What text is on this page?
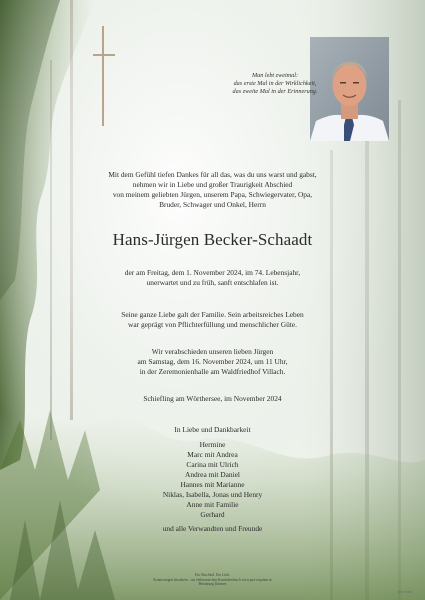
Man lebt zweimal:
das erste Mal in der Wirklichkeit,
das zweite Mal in der Erinnerung.
Mit dem Gefühl tiefen Dankes für all das, was du uns warst und gabst,
nehmen wir in Liebe und großer Traurigkeit Abschied
von meinem geliebten Jürgen, unserem Papa, Schwiegervater, Opa,
Bruder, Schwager und Onkel, Herrn
Hans-Jürgen Becker-Schaadt
der am Freitag, dem 1. November 2024, im 74. Lebensjahr,
unerwartet und zu früh, sanft entschlafen ist.
Seine ganze Liebe galt der Familie. Sein arbeitsreiches Leben
war geprägt von Pflichterfüllung und menschlicher Güte.
Wir verabschieden unseren lieben Jürgen
am Samstag, dem 16. November 2024, um 11 Uhr,
in der Zeremonienhalle am Waldfriedhof Villach.
Schiefling am Wörthersee, im November 2024
In Liebe und Dankbarkeit
Hermine
Marc mit Andrea
Carina mit Ulrich
Andrea mit Daniel
Hannes mit Marianne
Niklas, Isabella, Jonas und Henry
Anne mit Familie
Gerhard
und alle Verwandten und Freunde
Ein Abschied. Ein Licht.
Erinnerungen bewahren – im elektronischen Kondolenzbuch www.pax-requiem.at
Bestattung Kärnten
ID 87 9000
